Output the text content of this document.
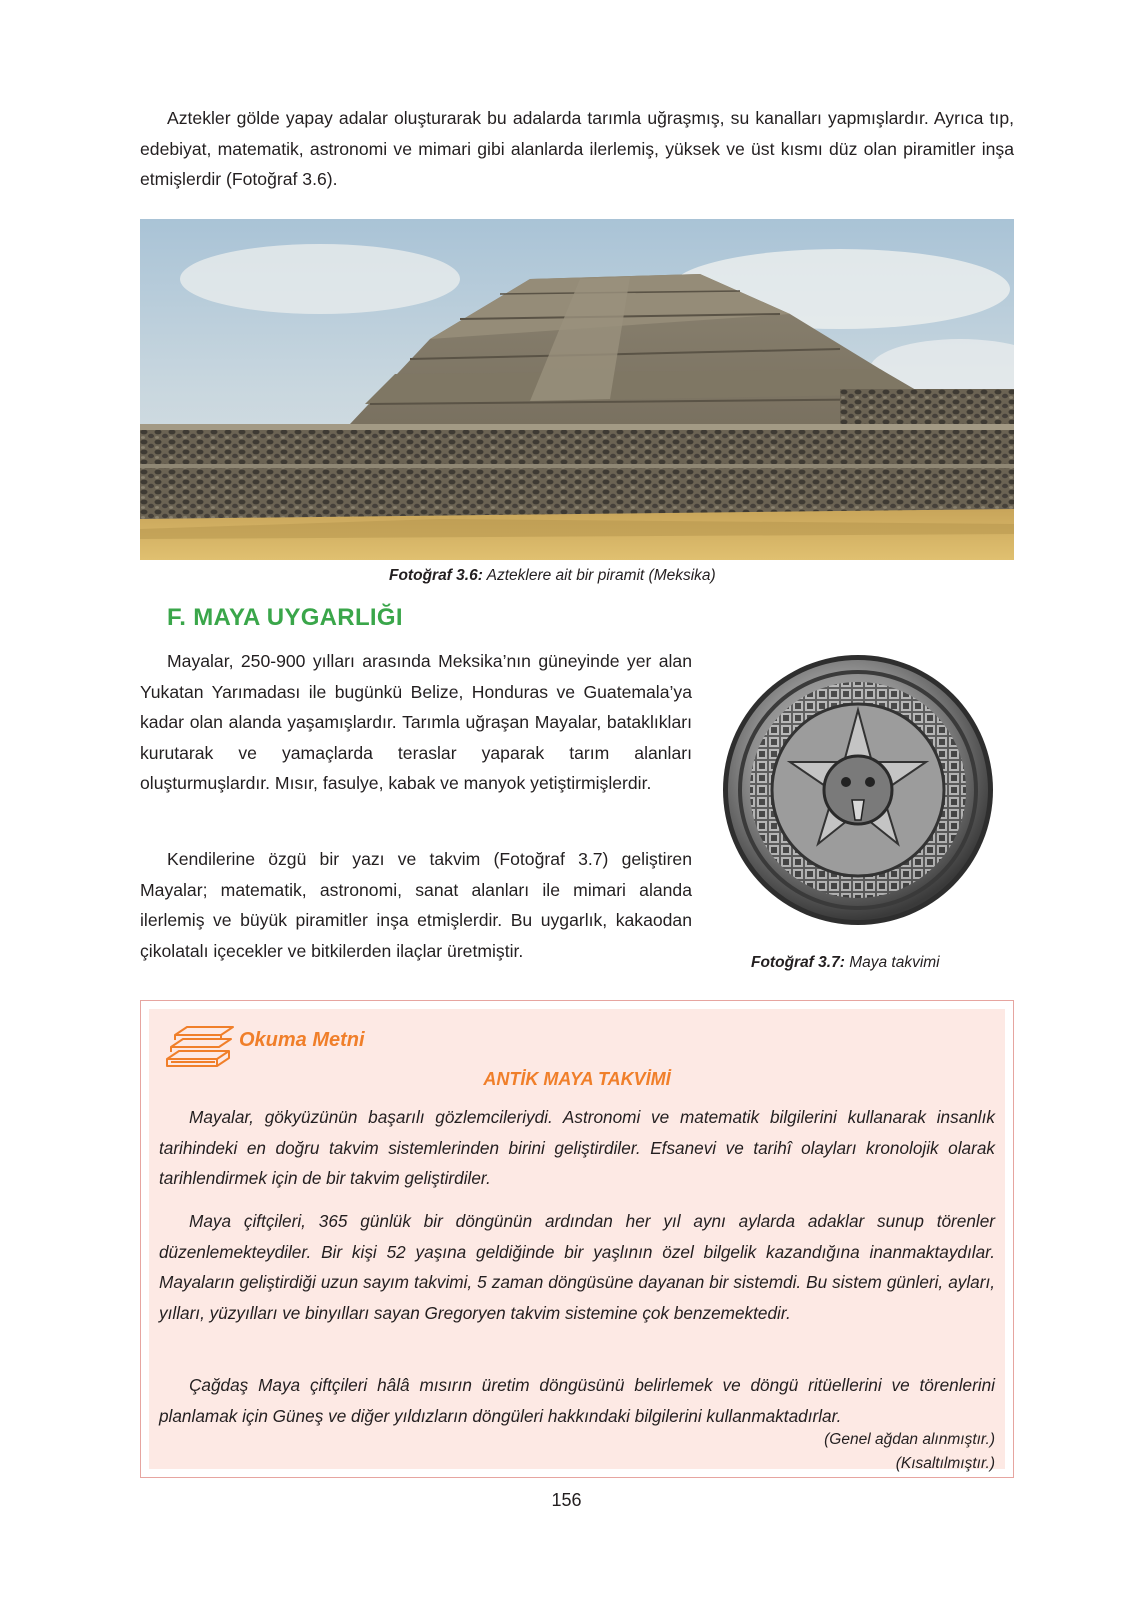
Aztekler gölde yapay adalar oluşturarak bu adalarda tarımla uğraşmış, su kanalları yapmışlardır. Ayrıca tıp, edebiyat, matematik, astronomi ve mimari gibi alanlarda ilerlemiş, yüksek ve üst kısmı düz olan piramitler inşa etmişlerdir (Fotoğraf 3.6).

Fotoğraf 3.6: Azteklere ait bir piramit (Meksika)

F. MAYA UYGARLIĞI

Mayalar, 250-900 yılları arasında Meksika’nın güneyinde yer alan Yukatan Yarımadası ile bugünkü Belize, Honduras ve Guatemala’ya kadar olan alanda yaşamışlardır. Tarımla uğraşan Mayalar, bataklıkları kurutarak ve yamaçlarda teraslar yaparak tarım alanları oluşturmuşlardır. Mısır, fasulye, kabak ve manyok yetiştirmişlerdir.

Kendilerine özgü bir yazı ve takvim (Fotoğraf 3.7) geliştiren Mayalar; matematik, astronomi, sanat alanları ile mimari alanda ilerlemiş ve büyük piramitler inşa etmişlerdir. Bu uygarlık, kakaodan çikolatalı içecekler ve bitkilerden ilaçlar üretmiştir.

Fotoğraf 3.7: Maya takvimi

Okuma Metni

ANTİK MAYA TAKVİMİ

Mayalar, gökyüzünün başarılı gözlemcileriydi. Astronomi ve matematik bilgilerini kullanarak insanlık tarihindeki en doğru takvim sistemlerinden birini geliştirdiler. Efsanevi ve tarihî olayları kronolojik olarak tarihlendirmek için de bir takvim geliştirdiler.

Maya çiftçileri, 365 günlük bir döngünün ardından her yıl aynı aylarda adaklar sunup törenler düzenlemekteydiler. Bir kişi 52 yaşına geldiğinde bir yaşlının özel bilgelik kazandığına inanmaktaydılar. Mayaların geliştirdiği uzun sayım takvimi, 5 zaman döngüsüne dayanan bir sistemdi. Bu sistem günleri, ayları, yılları, yüzyılları ve binyılları sayan Gregoryen takvim sistemine çok benzemektedir.

Çağdaş Maya çiftçileri hâlâ mısırın üretim döngüsünü belirlemek ve döngü ritüellerini ve törenlerini planlamak için Güneş ve diğer yıldızların döngüleri hakkındaki bilgilerini kullanmaktadırlar.

(Genel ağdan alınmıştır.)

(Kısaltılmıştır.)

156
